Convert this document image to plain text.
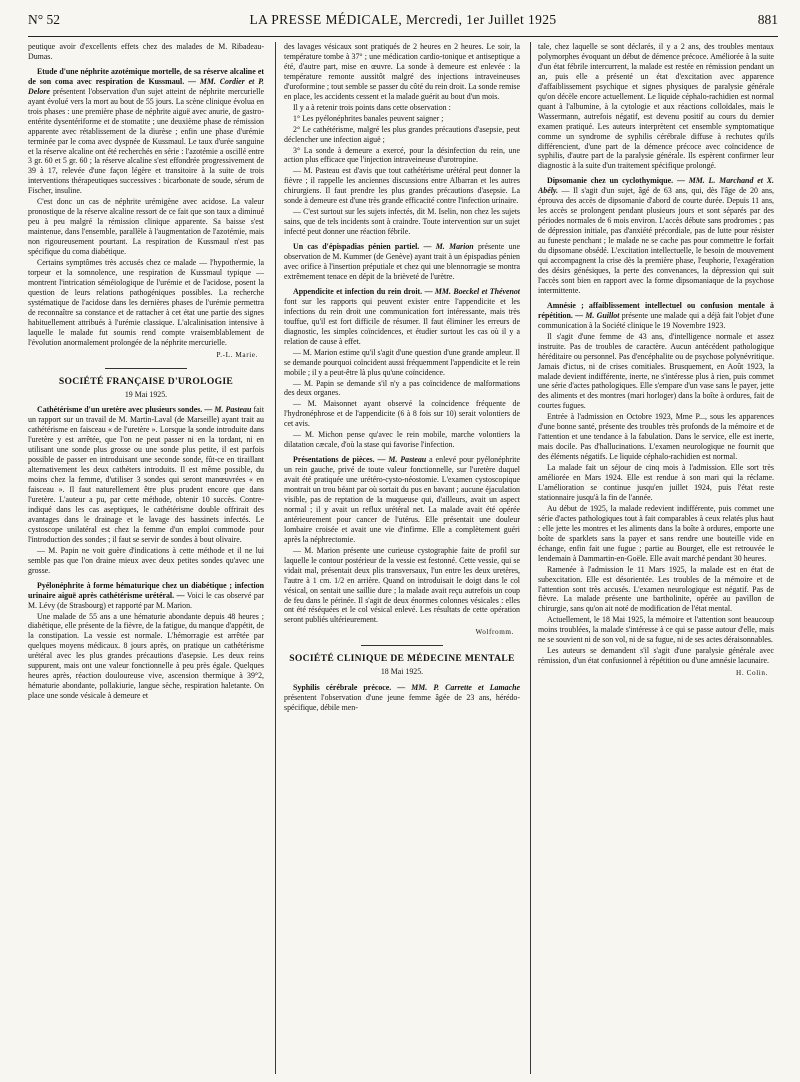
N° 52	LA PRESSE MÉDICALE, Mercredi, 1er Juillet 1925	881

peutique avoir d'excellents effets chez des malades de M. Ribadeau-Dumas.

Etude d'une néphrite azotémique mortelle, de sa réserve alcaline et de son coma avec respiration de Kussmaul. — MM. Cordier et P. Delore présentent l'observation d'un sujet atteint de néphrite mercurielle ayant évolué vers la mort au bout de 55 jours. La scène clinique évolua en trois phases : une première phase de néphrite aiguë avec anurie, de gastro-entérite dysentériforme et de stomatite ; une deuxième phase de rémission apparente avec rétablissement de la diurèse ; enfin une phase d'urémie terminée par le coma avec dyspnée de Kussmaul. Le taux d'urée sanguine et la réserve alcaline ont été recherchés en série : l'azotémie a oscillé entre 3 gr. 60 et 5 gr. 60 ; la réserve alcaline s'est effondrée progressivement de 39 à 17, relevée d'une façon légère et transitoire à la suite de trois interventions thérapeutiques successives : bicarbonate de soude, sérum de Fischer, insuline.

C'est donc un cas de néphrite urémigène avec acidose. La valeur pronostique de la réserve alcaline ressort de ce fait que son taux a diminué peu à peu malgré la rémission clinique apparente. Sa baisse s'est maintenue, dans l'ensemble, parallèle à l'augmentation de l'azotémie, mais non rigoureusement pourtant. La respiration de Kussmaul n'est pas spécifique du coma diabétique.

Certains symptômes très accusés chez ce malade — l'hypothermie, la torpeur et la somnolence, une respiration de Kussmaul typique — montrent l'intrication séméiologique de l'urémie et de l'acidose, posent la question de leurs relations pathogéniques possibles. La recherche systématique de l'acidose dans les dernières phases de l'urémie permettra de reconnaître sa constance et de rattacher à cet état une partie des signes habituellement attribués à l'urémie classique. L'alcalinisation intensive à laquelle le malade fut soumis rend compte vraisemblablement de l'évolution anormalement prolongée de la néphrite mercurielle.

P.-L. Marie.

SOCIÉTÉ FRANÇAISE D'UROLOGIE

19 Mai 1925.

Cathétérisme d'un uretère avec plusieurs sondes. — M. Pasteau fait un rapport sur un travail de M. Martin-Laval (de Marseille) ayant trait au cathétérisme en faisceau « de l'uretère ». Lorsque la sonde introduite dans l'uretère y est arrêtée, que l'on ne peut passer ni en la tordant, ni en utilisant une sonde plus grosse ou une sonde plus petite, il est parfois possible de passer en introduisant une seconde sonde, fût-ce en tiraillant alternativement les deux cathéters introduits. Il est même possible, du moins chez la femme, d'utiliser 3 sondes qui seront manœuvrées « en faisceau ». Il faut naturellement être plus prudent encore que dans l'uretère. L'auteur a pu, par cette méthode, obtenir 10 succès. Contre-indiqué dans les cas aseptiques, le cathétérisme double offrirait des avantages dans le drainage et le lavage des bassinets infectés. Le cystoscope unilatéral est chez la femme d'un emploi commode pour l'introduction des sondes ; il faut se servir de sondes à bout olivaire.

— M. Papin ne voit guère d'indications à cette méthode et il ne lui semble pas que l'on draine mieux avec deux petites sondes qu'avec une grosse.

Pyélonéphrite à forme hématurique chez un diabétique ; infection urinaire aiguë après cathétérisme urétéral. — Voici le cas observé par M. Lévy (de Strasbourg) et rapporté par M. Marion.

Une malade de 55 ans a une hématurie abondante depuis 48 heures ; diabétique, elle présente de la fièvre, de la fatigue, du manque d'appétit, de la constipation. La vessie est normale. L'hémorragie est arrêtée par quelques moyens médicaux. 8 jours après, on pratique un cathétérisme urétéral avec les plus grandes précautions d'asepsie. Les deux reins suppurent, mais ont une valeur fonctionnelle à peu près égale. Quelques heures après, réaction douloureuse vive, ascension thermique à 39°2, hématurie abondante, pollakiurie, langue sèche, respiration haletante. On place une sonde vésicale à demeure et

des lavages vésicaux sont pratiqués de 2 heures en 2 heures. Le soir, la température tombe à 37° ; une médication cardio-tonique et antiseptique a été, d'autre part, mise en œuvre. La sonde à demeure est enlevée : la température remonte aussitôt malgré des injections intraveineuses d'uroformine ; tout semble se passer du côté du rein droit. La sonde remise en place, les accidents cessent et la malade guérit au bout d'un mois.

Il y a à retenir trois points dans cette observation :

1° Les pyélonéphrites banales peuvent saigner ;

2° Le cathétérisme, malgré les plus grandes précautions d'asepsie, peut déclencher une infection aiguë ;

3° La sonde à demeure a exercé, pour la désinfection du rein, une action plus efficace que l'injection intraveineuse d'urotropine.

— M. Pasteau est d'avis que tout cathétérisme urétéral peut donner la fièvre ; il rappelle les anciennes discussions entre Albarran et les autres chirurgiens. Il faut prendre les plus grandes précautions d'asepsie. La sonde à demeure est d'une très grande efficacité contre l'infection urinaire.

— C'est surtout sur les sujets infectés, dit M. Iselin, non chez les sujets sains, que de tels incidents sont à craindre. Toute intervention sur un sujet infecté peut donner une réaction fébrile.

Un cas d'épispadias pénien partiel. — M. Marion présente une observation de M. Kummer (de Genève) ayant trait à un épispadias pénien avec orifice à l'insertion préputiale et chez qui une blennorragie se montra extrêmement tenace en dépit de la brièveté de l'urètre.

Appendicite et infection du rein droit. — MM. Boeckel et Thévenot font sur les rapports qui peuvent exister entre l'appendicite et les infections du rein droit une communication fort intéressante, mais très touffue, qu'il est fort difficile de résumer. Il faut éliminer les erreurs de diagnostic, les simples coïncidences, et étudier surtout les cas où il y a relation de cause à effet.

— M. Marion estime qu'il s'agit d'une question d'une grande ampleur. Il se demande pourquoi coïncident aussi fréquemment l'appendicite et le rein mobile ; il y a peut-être là plus qu'une coïncidence.

— M. Papin se demande s'il n'y a pas coïncidence de malformations des deux organes.

— M. Maisonnet ayant observé la coïncidence fréquente de l'hydronéphrose et de l'appendicite (6 à 8 fois sur 10) serait volontiers de cet avis.

— M. Michon pense qu'avec le rein mobile, marche volontiers la dilatation cæcale, d'où la stase qui favorise l'infection.

Présentations de pièces. — M. Pasteau a enlevé pour pyélonéphrite un rein gauche, privé de toute valeur fonctionnelle, sur l'uretère duquel avait été pratiquée une urétéro-cysto-néostomie. L'examen cystoscopique montrait un trou béant par où sortait du pus en bavant ; aucune éjaculation visible, pas de reptation de la muqueuse qui, d'ailleurs, avait un aspect normal ; il y avait un reflux urétéral net. La malade avait été opérée antérieurement pour cancer de l'utérus. Elle présentait une douleur lombaire croisée et avait une vie d'infirme. Elle a complètement guéri après la néphrectomie.

— M. Marion présente une curieuse cystographie faite de profil sur laquelle le contour postérieur de la vessie est festonné. Cette vessie, qui se vidait mal, présentait deux plis transversaux, l'un entre les deux uretères, l'autre à 1 cm. 1/2 en arrière. Quand on introduisait le doigt dans le col vésical, on sentait une saillie dure ; la malade avait reçu autrefois un coup de feu dans le périnée. Il s'agit de deux énormes colonnes vésicales : elles ont été réséquées et le col vésical enlevé. Les résultats de cette opération seront publiés ultérieurement.

Wolfromm.

SOCIÉTÉ CLINIQUE DE MÉDECINE MENTALE

18 Mai 1925.

Syphilis cérébrale précoce. — MM. P. Carrette et Lamache présentent l'observation d'une jeune femme âgée de 23 ans, hérédo-spécifique, débile men-

tale, chez laquelle se sont déclarés, il y a 2 ans, des troubles mentaux polymorphes évoquant un début de démence précoce. Améliorée à la suite d'un état fébrile intercurrent, la malade est restée en rémission pendant un an, puis elle a présenté un état d'excitation avec apparence d'affaiblissement psychique et signes physiques de paralysie générale qu'on décèle encore actuellement. Le liquide céphalo-rachidien est normal quant à l'albumine, à la cytologie et aux réactions colloïdales, mais le Wassermann, autrefois négatif, est devenu positif au cours du dernier examen pratiqué. Les auteurs interprètent cet ensemble symptomatique comme un syndrome de syphilis cérébrale diffuse à rechutes qu'ils différencient, d'une part de la démence précoce avec coïncidence de syphilis, d'autre part de la paralysie générale. Ils espèrent confirmer leur diagnostic à la suite d'un traitement spécifique prolongé.

Dipsomanie chez un cyclothymique. — MM. L. Marchand et X. Abély. — Il s'agit d'un sujet, âgé de 63 ans, qui, dès l'âge de 20 ans, éprouva des accès de dipsomanie d'abord de courte durée. Depuis 11 ans, les accès se prolongent pendant plusieurs jours et sont séparés par des périodes normales de 6 mois environ. L'accès débute sans prodromes ; pas de dépression initiale, pas d'anxiété précordiale, pas de lutte pour résister au funeste penchant ; le malade ne se cache pas pour commettre le forfait du dipsomane obsédé. L'excitation intellectuelle, le besoin de mouvement qui accompagnent la crise dès la première phase, l'euphorie, l'exagération des désirs génésiques, la perte des convenances, la dépression qui suit l'accès sont bien en rapport avec la forme dipsomaniaque de la psychose intermittente.

Amnésie ; affaiblissement intellectuel ou confusion mentale à répétition. — M. Guillot présente une malade qui a déjà fait l'objet d'une communication à la Société clinique le 19 Novembre 1923.

Il s'agit d'une femme de 43 ans, d'intelligence normale et assez instruite. Pas de troubles de caractère. Aucun antécédent pathologique héréditaire ou personnel. Pas d'encéphalite ou de psychose polynévritique. Jamais d'ictus, ni de crises comitiales. Brusquement, en Août 1923, la malade devient indifférente, inerte, ne s'intéresse plus à rien, puis commet une série d'actes pathologiques. Elle s'empare d'un vase sans le payer, jette des aliments et des montres (mari horloger) dans la boîte à ordures, fait de courtes fugues.

Entrée à l'admission en Octobre 1923, Mme P..., sous les apparences d'une bonne santé, présente des troubles très profonds de la mémoire et de l'attention et une tendance à la fabulation. Dans le service, elle est inerte, mais docile. Pas d'hallucinations. L'examen neurologique ne fournit que des éléments négatifs. Le liquide céphalo-rachidien est normal.

La malade fait un séjour de cinq mois à l'admission. Elle sort très améliorée en Mars 1924. Elle est rendue à son mari qui la réclame. L'amélioration se continue jusqu'en juillet 1924, puis l'état reste stationnaire jusqu'à la fin de l'année.

Au début de 1925, la malade redevient indifférente, puis commet une série d'actes pathologiques tout à fait comparables à ceux relatés plus haut : elle jette les montres et les aliments dans la boîte à ordures, emporte une boîte de sparklets sans la payer et sans rendre une bouteille vide en échange, enfin fait une fugue ; partie au Bourget, elle est retrouvée le lendemain à Dammartin-en-Goële. Elle avait marché pendant 30 heures.

Ramenée à l'admission le 11 Mars 1925, la malade est en état de subexcitation. Elle est désorientée. Les troubles de la mémoire et de l'attention sont très accusés. L'examen neurologique est négatif. Pas de fièvre. La malade présente une bartholinite, opérée au pavillon de chirurgie, sans qu'on ait noté de modification de l'état mental.

Actuellement, le 18 Mai 1925, la mémoire et l'attention sont beaucoup moins troublées, la malade s'intéresse à ce qui se passe autour d'elle, mais ne se souvient ni de son vol, ni de sa fugue, ni de ses actes déraisonnables.

Les auteurs se demandent s'il s'agit d'une paralysie générale avec rémission, d'un état confusionnel à répétition ou d'une amnésie lacunaire.

H. Colin.
